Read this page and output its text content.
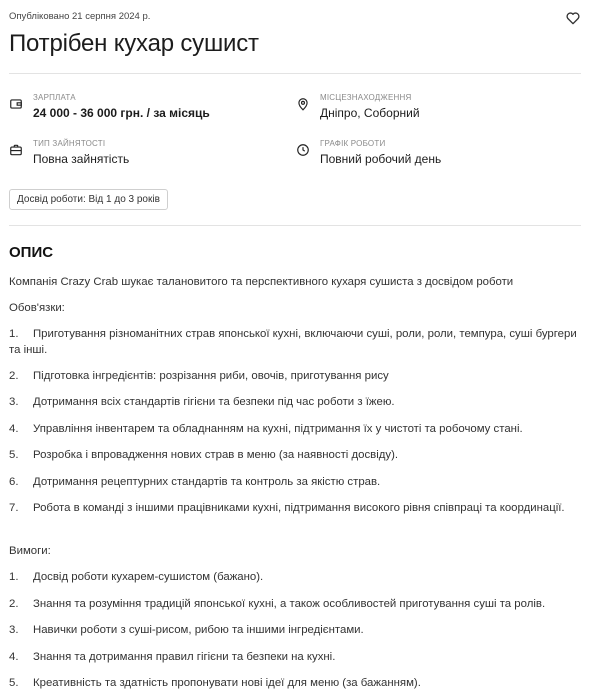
Опубліковано 21 серпня 2024 р.
Потрібен кухар сушист
ЗАРПЛАТА
24 000 - 36 000 грн. / за місяць
МІСЦЕЗНАХОДЖЕННЯ
Дніпро, Соборний
ТИП ЗАЙНЯТОСТІ
Повна зайнятість
ГРАФІК РОБОТИ
Повний робочий день
Досвід роботи: Від 1 до 3 років
ОПИС
Компанія Crazy Crab шукає талановитого та перспективного кухаря сушиста з досвідом роботи
Обов'язки:
1. Приготування різноманітних страв японської кухні, включаючи суші, роли, роли, темпура, суші бургери та інші.
2. Підготовка інгредієнтів: розрізання риби, овочів, приготування рису
3. Дотримання всіх стандартів гігієни та безпеки під час роботи з їжею.
4. Управління інвентарем та обладнанням на кухні, підтримання їх у чистоті та робочому стані.
5. Розробка і впровадження нових страв в меню (за наявності досвіду).
6. Дотримання рецептурних стандартів та контроль за якістю страв.
7. Робота в команді з іншими працівниками кухні, підтримання високого рівня співпраці та координації.
Вимоги:
1. Досвід роботи кухарем-сушистом (бажано).
2. Знання та розуміння традицій японської кухні, а також особливостей приготування суші та ролів.
3. Навички роботи з суші-рисом, рибою та іншими інгредієнтами.
4. Знання та дотримання правил гігієни та безпеки на кухні.
5. Креативність та здатність пропонувати нові ідеї для меню (за бажанням).
